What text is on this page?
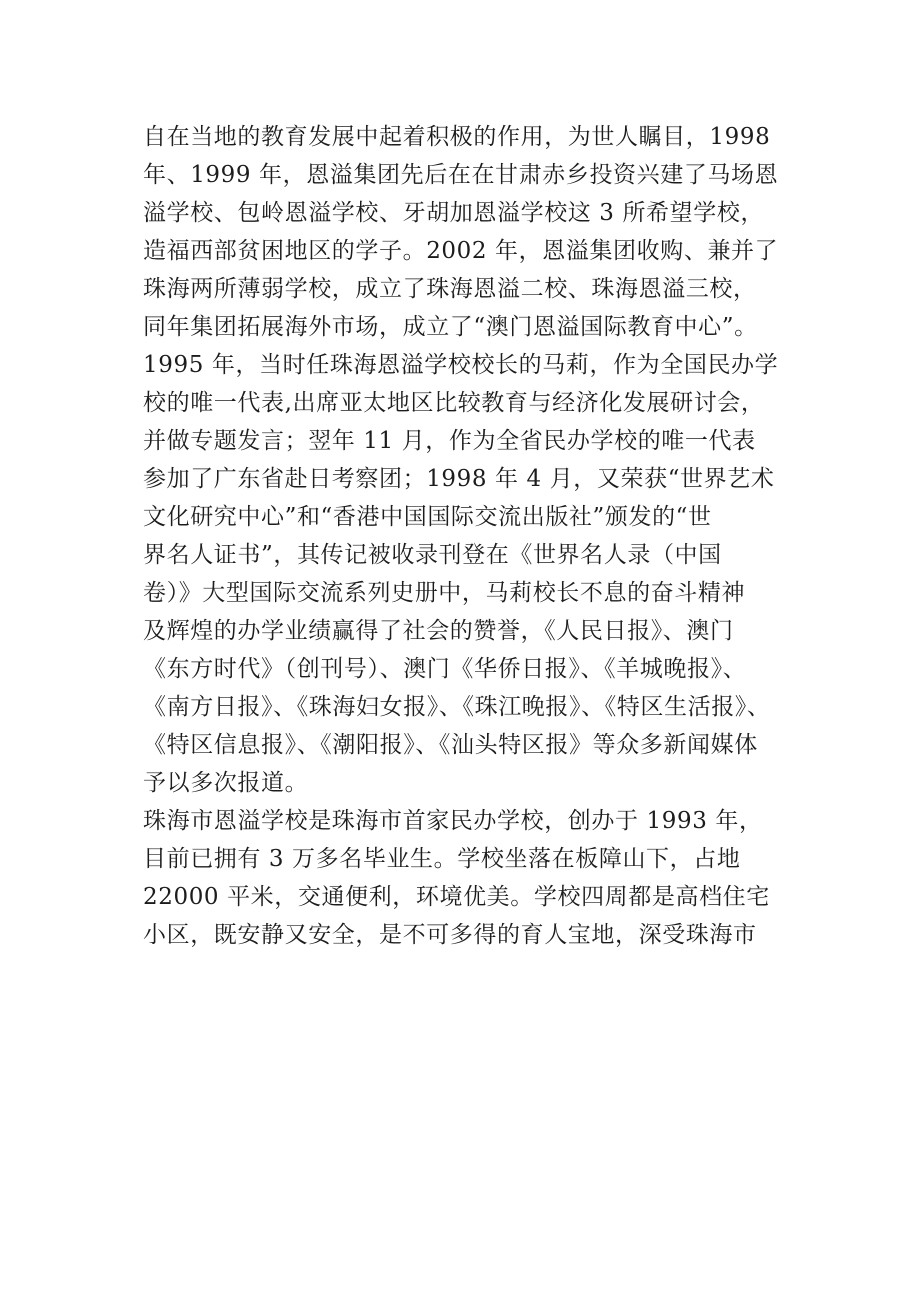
自在当地的教育发展中起着积极的作用，为世人瞩目，1998
年、1999 年，恩溢集团先后在在甘肃赤乡投资兴建了马场恩
溢学校、包岭恩溢学校、牙胡加恩溢学校这 3 所希望学校，
造福西部贫困地区的学子。2002 年，恩溢集团收购、兼并了
珠海两所薄弱学校，成立了珠海恩溢二校、珠海恩溢三校，
同年集团拓展海外市场，成立了“澳门恩溢国际教育中心”。
1995 年，当时任珠海恩溢学校校长的马莉，作为全国民办学
校的唯一代表,出席亚太地区比较教育与经济化发展研讨会，
并做专题发言；翌年 11 月，作为全省民办学校的唯一代表
参加了广东省赴日考察团；1998 年 4 月，又荣获“世界艺术
文化研究中心”和“香港中国国际交流出版社”颁发的“世
界名人证书”，其传记被收录刊登在《世界名人录（中国
卷）》大型国际交流系列史册中，马莉校长不息的奋斗精神
及辉煌的办学业绩赢得了社会的赞誉，《人民日报》、澳门
《东方时代》（创刊号）、澳门《华侨日报》、《羊城晚报》、
《南方日报》、《珠海妇女报》、《珠江晚报》、《特区生活报》、
《特区信息报》、《潮阳报》、《汕头特区报》等众多新闻媒体
予以多次报道。
珠海市恩溢学校是珠海市首家民办学校，创办于 1993 年，
目前已拥有 3 万多名毕业生。学校坐落在板障山下，占地
22000 平米，交通便利，环境优美。学校四周都是高档住宅
小区，既安静又安全，是不可多得的育人宝地，深受珠海市
